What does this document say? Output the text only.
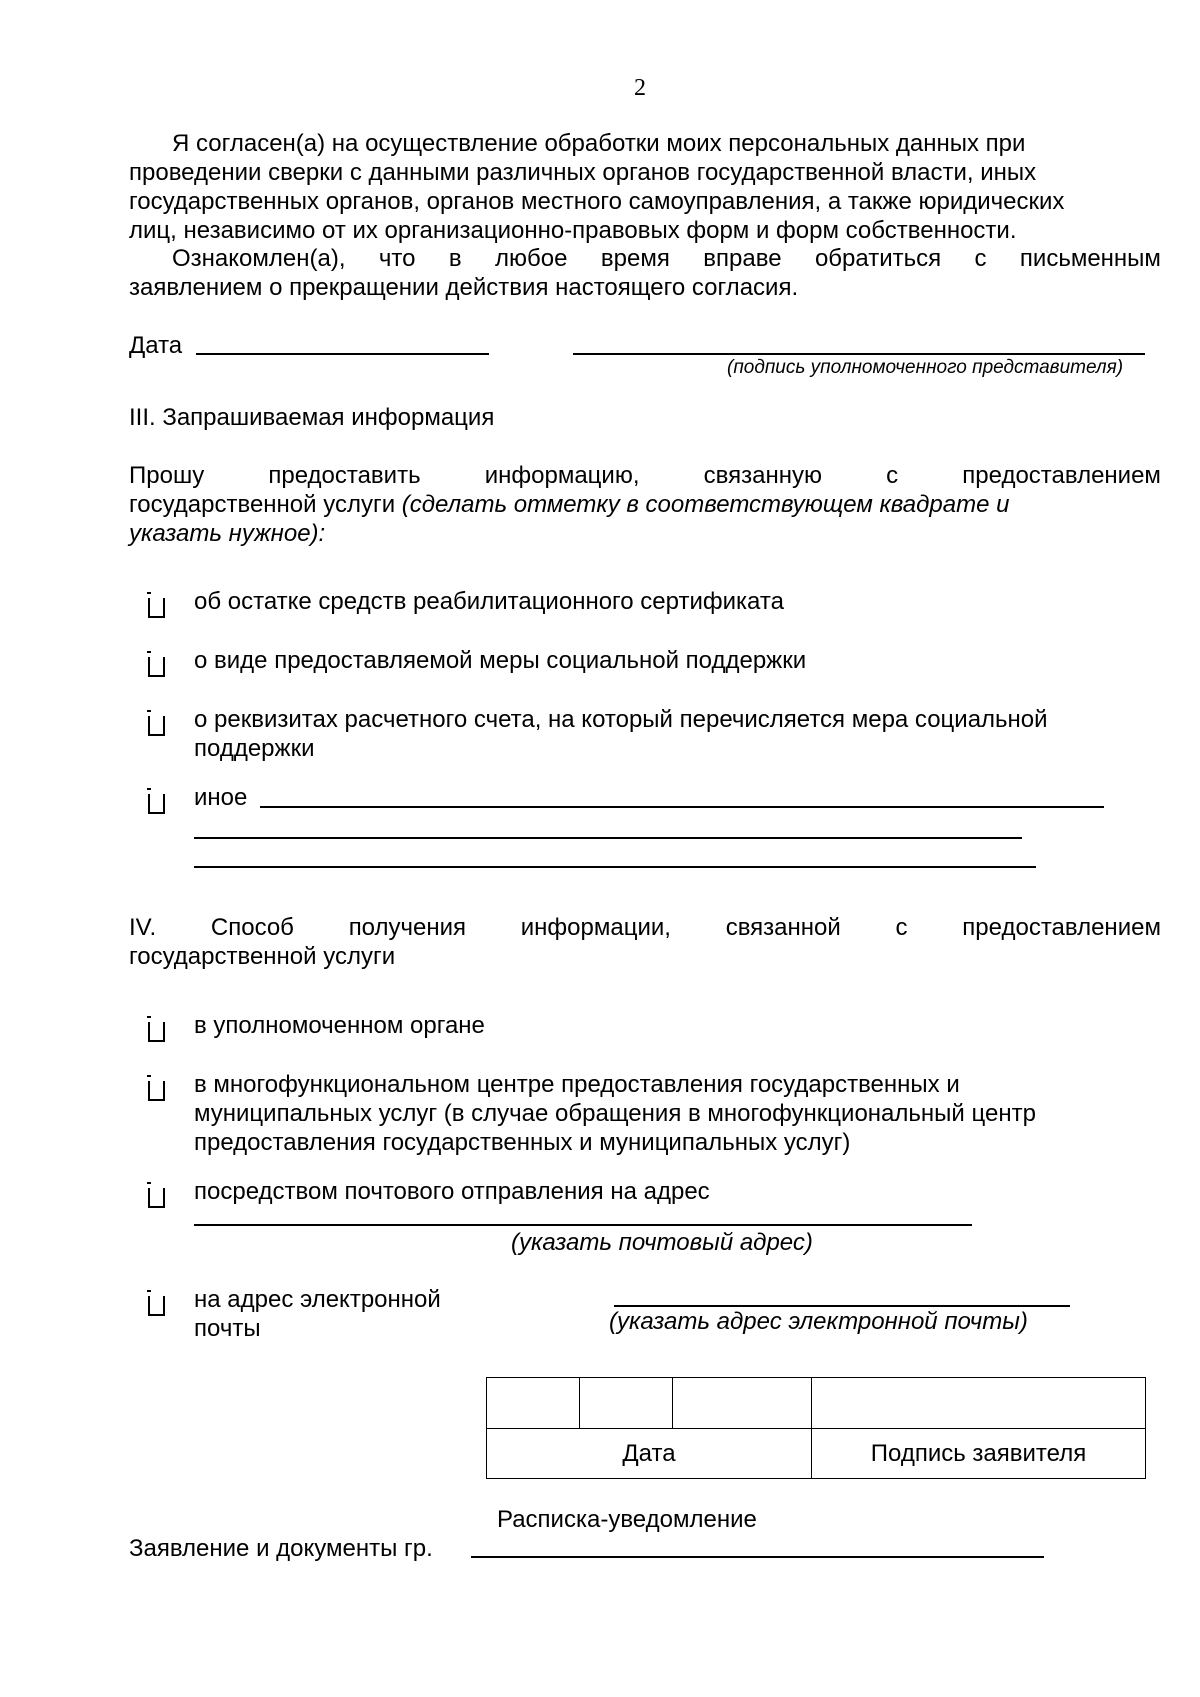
2
Я согласен(а) на осуществление обработки моих персональных данных при
проведении сверки с данными различных органов государственной власти, иных
государственных органов, органов местного самоуправления, а также юридических
лиц, независимо от их организационно-правовых форм и форм собственности.
Ознакомлен(а), что в любое время вправе обратиться с письменным
заявлением о прекращении действия настоящего согласия.
Дата
(подпись уполномоченного представителя)
III. Запрашиваемая информация
Прошу	предоставить	информацию,	связанную	с	предоставлением
государственной услуги (сделать отметку в соответствующем квадрате и
указать нужное):
об остатке средств реабилитационного сертификата
о виде предоставляемой меры социальной поддержки
о реквизитах расчетного счета, на который перечисляется мера социальной
поддержки
иное
IV. Способ получения информации, связанной с предоставлением
государственной услуги
в уполномоченном органе
в многофункциональном центре предоставления государственных и
муниципальных услуг (в случае обращения в многофункциональный центр
предоставления государственных и муниципальных услуг)
посредством почтового отправления на адрес
(указать почтовый адрес)
на адрес электронной
почты	(указать адрес электронной почты)

Дата			Подпись заявителя
Расписка-уведомление
Заявление и документы гр.
